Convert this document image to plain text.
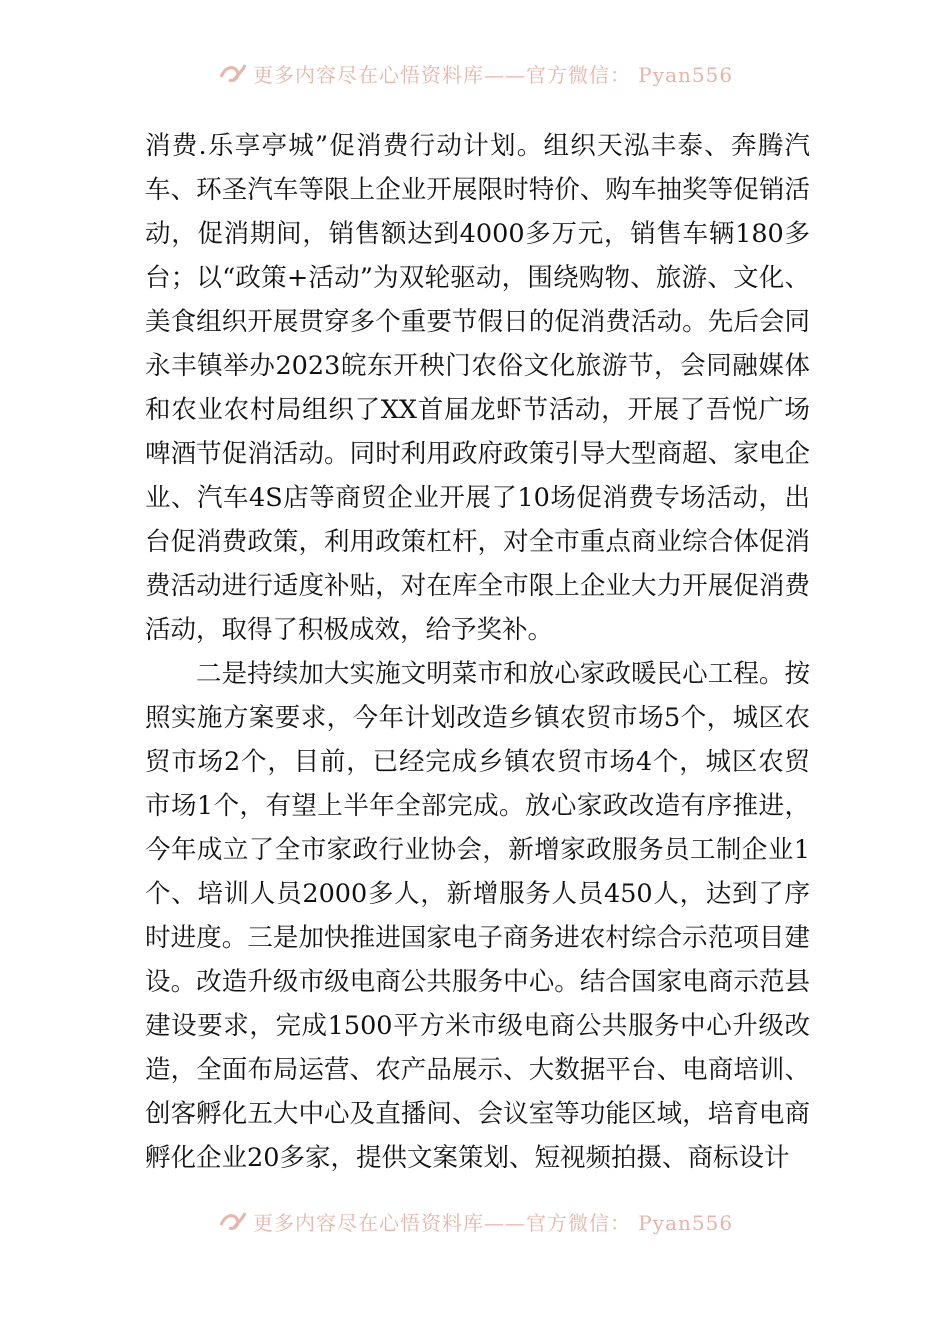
更多内容尽在心悟资料库——官方微信： Pyan556

消费.乐享亭城”促消费行动计划。组织天泓丰泰、奔腾汽车、环圣汽车等限上企业开展限时特价、购车抽奖等促销活动，促消期间，销售额达到4000多万元，销售车辆180多台；以“政策+活动”为双轮驱动，围绕购物、旅游、文化、美食组织开展贯穿多个重要节假日的促消费活动。先后会同永丰镇举办2023皖东开秧门农俗文化旅游节，会同融媒体和农业农村局组织了XX首届龙虾节活动，开展了吾悦广场啤酒节促消活动。同时利用政府政策引导大型商超、家电企业、汽车4S店等商贸企业开展了10场促消费专场活动，出台促消费政策，利用政策杠杆，对全市重点商业综合体促消费活动进行适度补贴，对在库全市限上企业大力开展促消费活动，取得了积极成效，给予奖补。

二是持续加大实施文明菜市和放心家政暖民心工程。按照实施方案要求，今年计划改造乡镇农贸市场5个，城区农贸市场2个，目前，已经完成乡镇农贸市场4个，城区农贸市场1个，有望上半年全部完成。放心家政改造有序推进，今年成立了全市家政行业协会，新增家政服务员工制企业1个、培训人员2000多人，新增服务人员450人，达到了序时进度。三是加快推进国家电子商务进农村综合示范项目建设。改造升级市级电商公共服务中心。结合国家电商示范县建设要求，完成1500平方米市级电商公共服务中心升级改造，全面布局运营、农产品展示、大数据平台、电商培训、创客孵化五大中心及直播间、会议室等功能区域，培育电商孵化企业20多家，提供文案策划、短视频拍摄、商标设计

更多内容尽在心悟资料库——官方微信： Pyan556
